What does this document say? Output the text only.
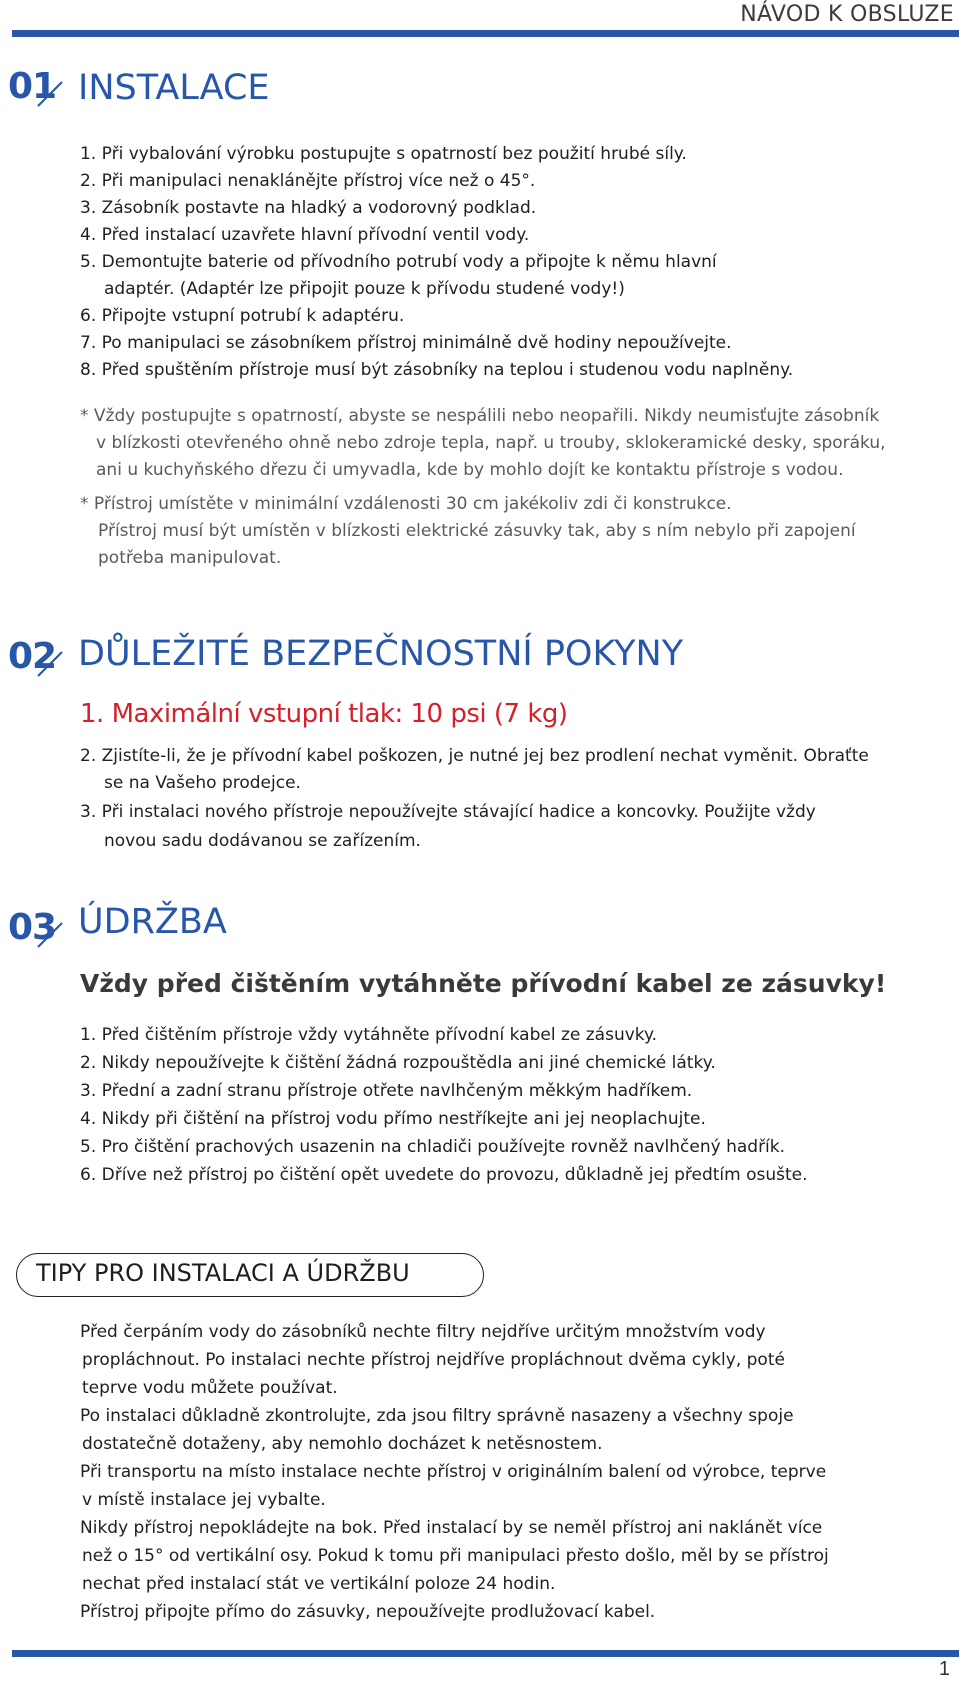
NÁVOD K OBSLUZE
01 INSTALACE
1. Při vybalování výrobku postupujte s opatrností bez použití hrubé síly.
2. Při manipulaci nenaklánějte přístroj více než o 45°.
3. Zásobník postavte na hladký a vodorovný podklad.
4. Před instalací uzavřete hlavní přívodní ventil vody.
5. Demontujte baterie od přívodního potrubí vody a připojte k němu hlavní
adaptér. (Adaptér lze připojit pouze k přívodu studené vody!)
6. Připojte vstupní potrubí k adaptéru.
7. Po manipulaci se zásobníkem přístroj minimálně dvě hodiny nepoužívejte.
8. Před spuštěním přístroje musí být zásobníky na teplou i studenou vodu naplněny.
* Vždy postupujte s opatrností, abyste se nespálili nebo neopařili. Nikdy neumisťujte zásobník
v blízkosti otevřeného ohně nebo zdroje tepla, např. u trouby, sklokeramické desky, sporáku,
ani u kuchyňského dřezu či umyvadla, kde by mohlo dojít ke kontaktu přístroje s vodou.
* Přístroj umístěte v minimální vzdálenosti 30 cm jakékoliv zdi či konstrukce.
Přístroj musí být umístěn v blízkosti elektrické zásuvky tak, aby s ním nebylo při zapojení
potřeba manipulovat.
02 DŮLEŽITÉ BEZPEČNOSTNÍ POKYNY
1. Maximální vstupní tlak: 10 psi (7 kg)
2. Zjistíte-li, že je přívodní kabel poškozen, je nutné jej bez prodlení nechat vyměnit. Obraťte
se na Vašeho prodejce.
3. Při instalaci nového přístroje nepoužívejte stávající hadice a koncovky. Použijte vždy
novou sadu dodávanou se zařízením.
03 ÚDRŽBA
Vždy před čištěním vytáhněte přívodní kabel ze zásuvky!
1. Před čištěním přístroje vždy vytáhněte přívodní kabel ze zásuvky.
2. Nikdy nepoužívejte k čištění žádná rozpouštědla ani jiné chemické látky.
3. Přední a zadní stranu přístroje otřete navlhčeným měkkým hadříkem.
4. Nikdy při čištění na přístroj vodu přímo nestříkejte ani jej neoplachujte.
5. Pro čištění prachových usazenin na chladiči používejte rovněž navlhčený hadřík.
6. Dříve než přístroj po čištění opět uvedete do provozu, důkladně jej předtím osušte.
TIPY PRO INSTALACI A ÚDRŽBU
Před čerpáním vody do zásobníků nechte filtry nejdříve určitým množstvím vody
propláchnout. Po instalaci nechte přístroj nejdříve propláchnout dvěma cykly, poté
teprve vodu můžete používat.
Po instalaci důkladně zkontrolujte, zda jsou filtry správně nasazeny a všechny spoje
dostatečně dotaženy, aby nemohlo docházet k netěsnostem.
Při transportu na místo instalace nechte přístroj v originálním balení od výrobce, teprve
v místě instalace jej vybalte.
Nikdy přístroj nepokládejte na bok. Před instalací by se neměl přístroj ani naklánět více
než o 15° od vertikální osy. Pokud k tomu při manipulaci přesto došlo, měl by se přístroj
nechat před instalací stát ve vertikální poloze 24 hodin.
Přístroj připojte přímo do zásuvky, nepoužívejte prodlužovací kabel.
1
